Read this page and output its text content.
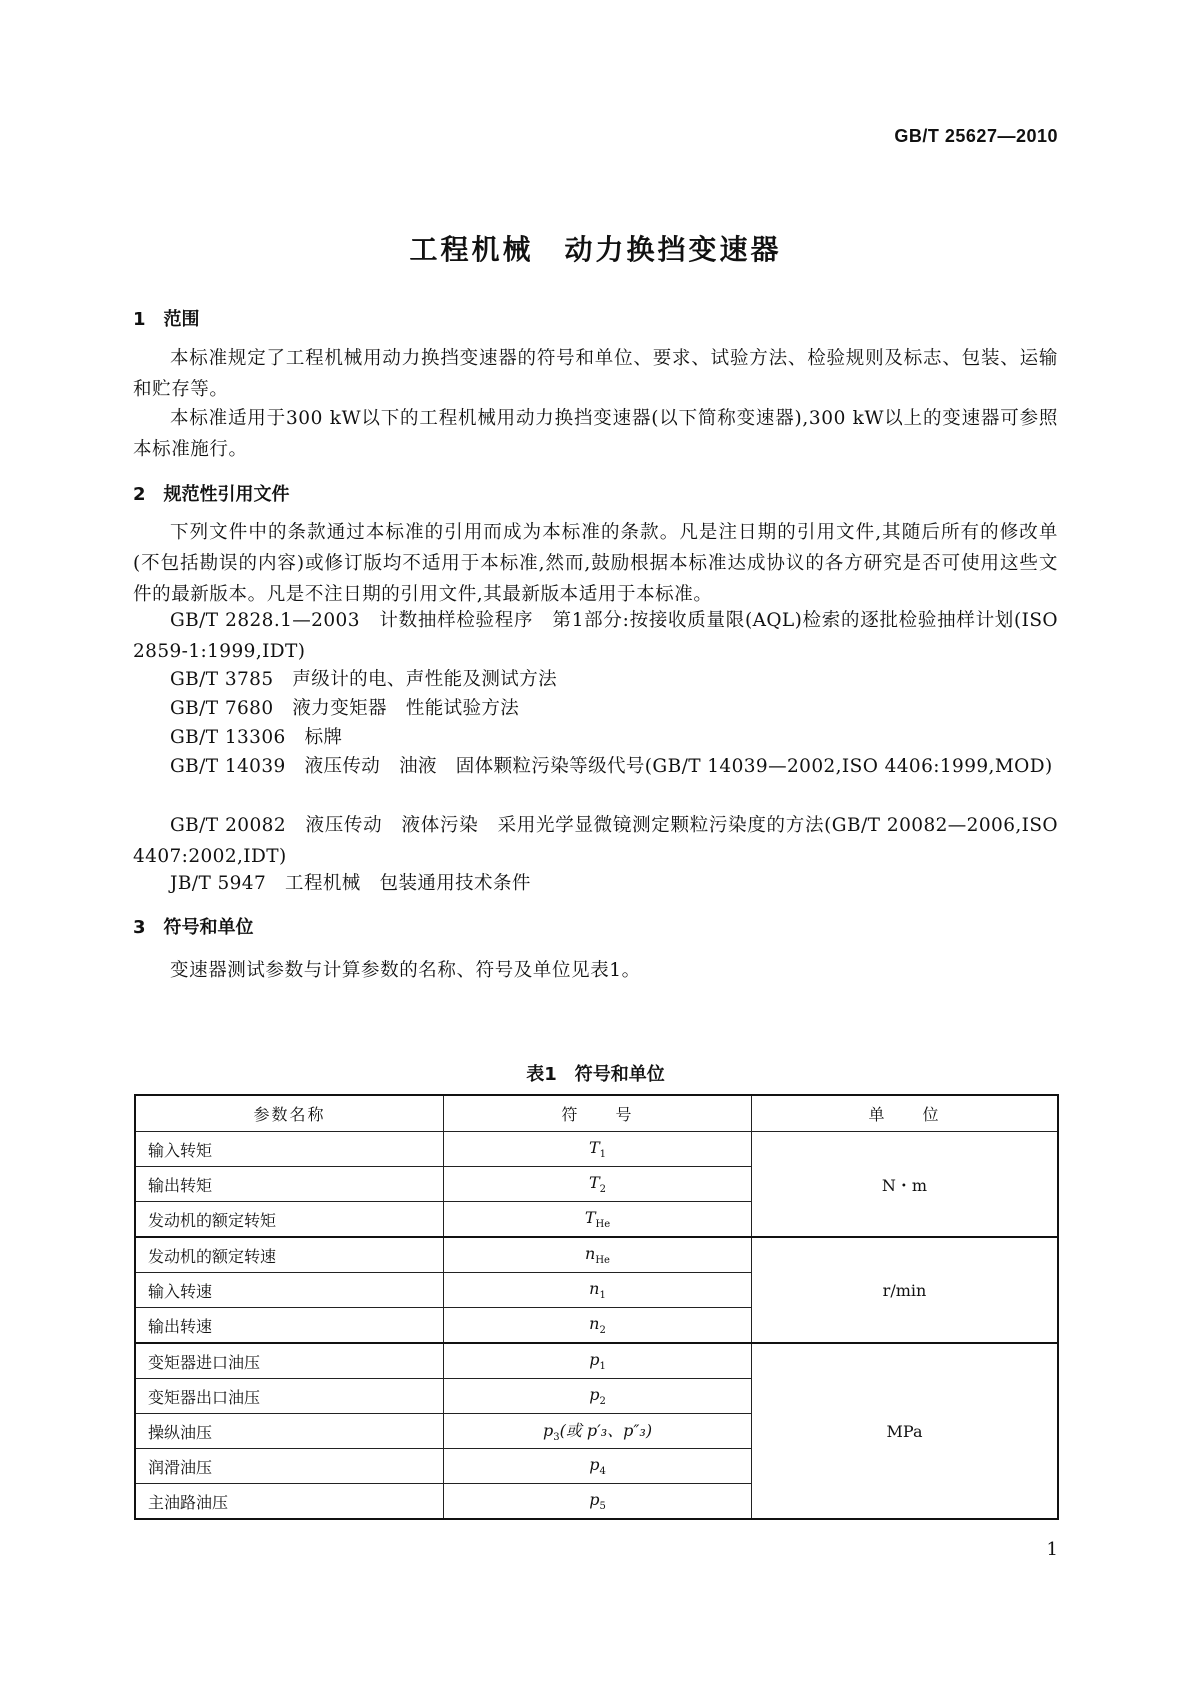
GB/T 25627—2010
工程机械　动力换挡变速器
1　范围
本标准规定了工程机械用动力换挡变速器的符号和单位、要求、试验方法、检验规则及标志、包装、运输和贮存等。
本标准适用于300 kW以下的工程机械用动力换挡变速器(以下简称变速器),300 kW以上的变速器可参照本标准施行。
2　规范性引用文件
下列文件中的条款通过本标准的引用而成为本标准的条款。凡是注日期的引用文件,其随后所有的修改单(不包括勘误的内容)或修订版均不适用于本标准,然而,鼓励根据本标准达成协议的各方研究是否可使用这些文件的最新版本。凡是不注日期的引用文件,其最新版本适用于本标准。
GB/T 2828.1—2003　计数抽样检验程序　第1部分:按接收质量限(AQL)检索的逐批检验抽样计划(ISO 2859-1:1999,IDT)
GB/T 3785　声级计的电、声性能及测试方法
GB/T 7680　液力变矩器　性能试验方法
GB/T 13306　标牌
GB/T 14039　液压传动　油液　固体颗粒污染等级代号(GB/T 14039—2002,ISO 4406:1999,MOD)
GB/T 20082　液压传动　液体污染　采用光学显微镜测定颗粒污染度的方法(GB/T 20082—2006,ISO 4407:2002,IDT)
JB/T 5947　工程机械　包装通用技术条件
3　符号和单位
变速器测试参数与计算参数的名称、符号及单位见表1。
表1　符号和单位
参数名称	符　　号	单　　位
输入转矩	$T_1$	N・m
输出转矩	$T_2$
发动机的额定转矩	$T_{He}$
发动机的额定转速	$n_{He}$	r/min
输入转速	$n_1$
输出转速	$n_2$
变矩器进口油压	$p_1$	MPa
变矩器出口油压	$p_2$
操纵油压	$p_3$(或 p′₃、p″₃)	
润滑油压	$p_4$
主油路油压	$p_5$
1
